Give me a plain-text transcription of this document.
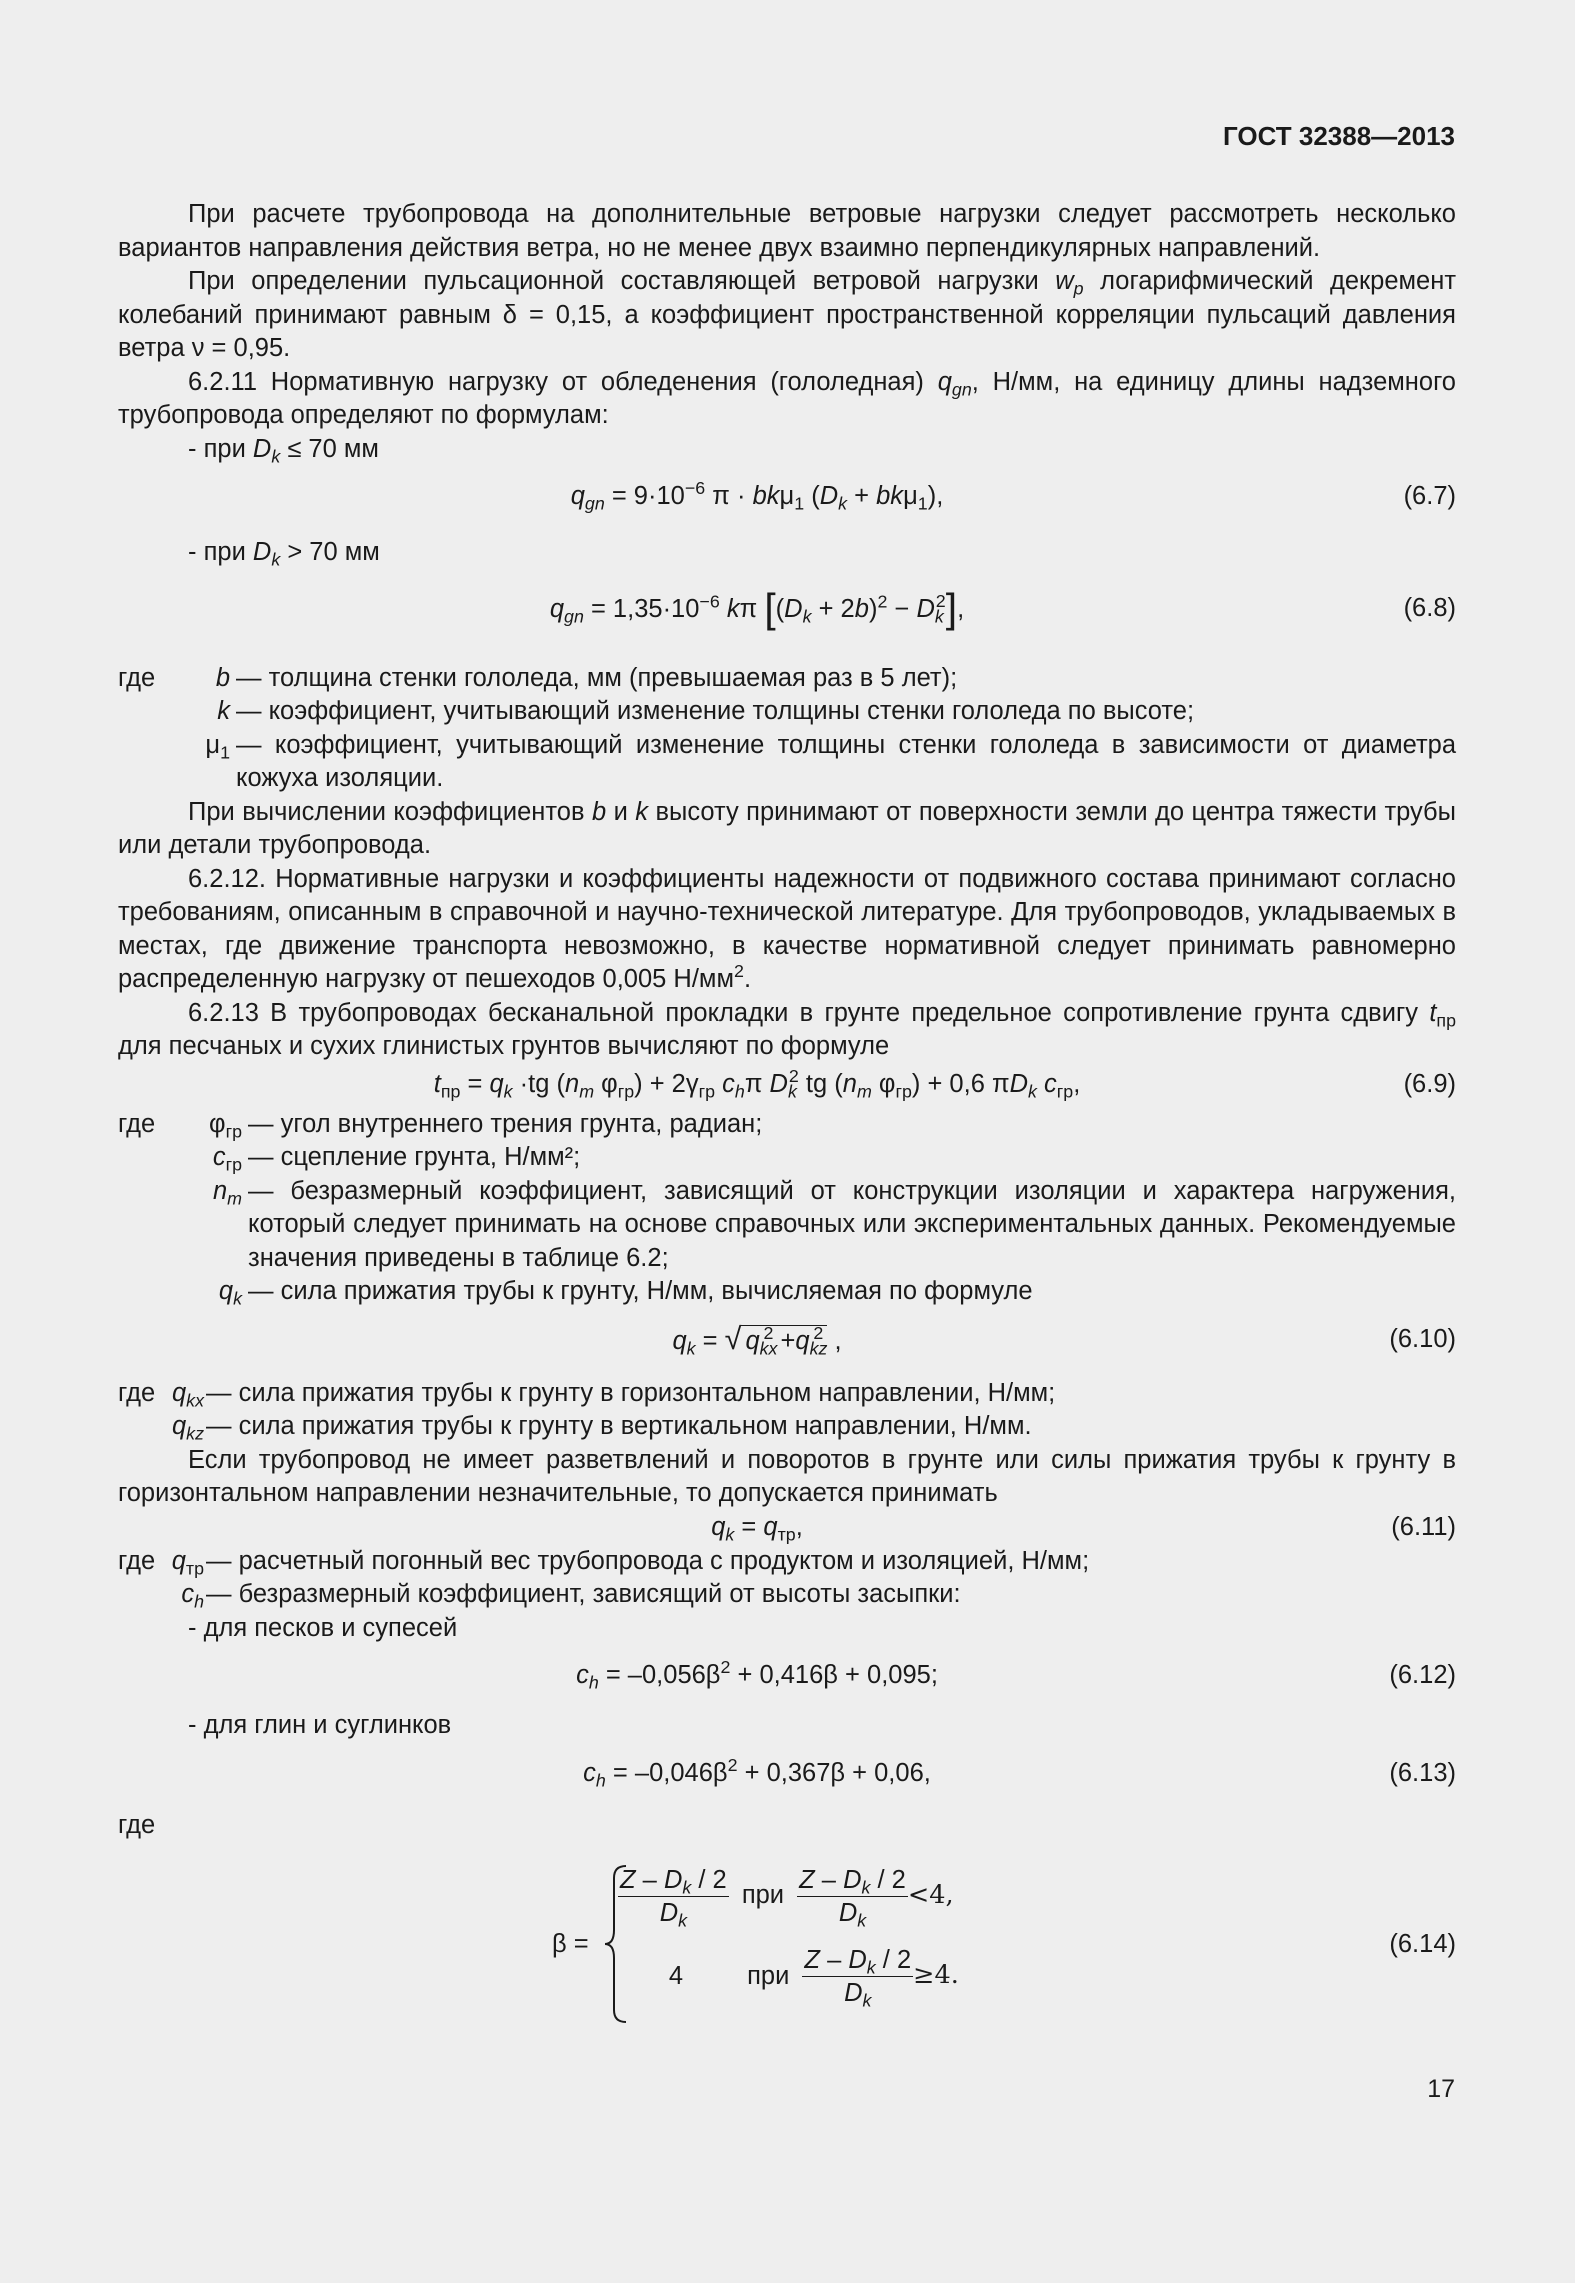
ГОСТ 32388—2013

При расчете трубопровода на дополнительные ветровые нагрузки следует рассмотреть несколько вариантов направления действия ветра, но не менее двух взаимно перпендикулярных направлений.

При определении пульсационной составляющей ветровой нагрузки $w_p$ логарифмический декремент колебаний принимают равным δ = 0,15, а коэффициент пространственной корреляции пульсаций давления ветра ν = 0,95.

6.2.11 Нормативную нагрузку от обледенения (гололедная) $q_{gn}$, Н/мм, на единицу длины надземного трубопровода определяют по формулам:

- при $D_k \le 70$ мм

$q_{gn} = 9\cdot 10^{-6}$ π · bkμ$_1$ $(D_k + bk\mu_1)$,	(6.7)

- при $D_k > 70$ мм

$q_{gn} = 1,35\cdot 10^{-6}$ kπ $[(D_k + 2b)^2 - D_k^2]$,	(6.8)
где	b — толщина стенки гололеда, мм (превышаемая раз в 5 лет);
k — коэффициент, учитывающий изменение толщины стенки гололеда по высоте;
$\mu_1$ — коэффициент, учитывающий изменение толщины стенки гололеда в зависимости от диаметра кожуха изоляции.

При вычислении коэффициентов b и k высоту принимают от поверхности земли до центра тяжести трубы или детали трубопровода.

6.2.12. Нормативные нагрузки и коэффициенты надежности от подвижного состава принимают согласно требованиям, описанным в справочной и научно-технической литературе. Для трубопроводов, укладываемых в местах, где движение транспорта невозможно, в качестве нормативной следует принимать равномерно распределенную нагрузку от пешеходов 0,005 $Н/мм^2$.

6.2.13 В трубопроводах бесканальной прокладки в грунте предельное сопротивление грунта сдвигу $t_{пр}$ для песчаных и сухих глинистых грунтов вычисляют по формуле

$t_{пр} = q_k \cdot tg$ ($n_m$ $\varphi_{гр}) + 2\gamma_{гр}$ $c_h\pi$ $D_k^2$ tg ($n_m$ $\varphi_{гр}) + 0,6$ $\pi D_k$ $c_{гр}$,	(6.9)
где	$\varphi_{гр}$ — угол внутреннего трения грунта, радиан;
$c_{гр}$ — сцепление грунта, Н/мм²;
$n_m$ — безразмерный коэффициент, зависящий от конструкции изоляции и характера нагружения, который следует принимать на основе справочных или экспериментальных данных. Рекомендуемые значения приведены в таблице 6.2;
$q_k$ — сила прижатия трубы к грунту, Н/мм, вычисляемая по формуле
$q_k$ = √ $q_{kx}^2 +q_{kz}^2$ ,	(6.10)
где $q_{kx}$ — сила прижатия трубы к грунту в горизонтальном направлении, Н/мм;
$q_{kz}$ — сила прижатия трубы к грунту в вертикальном направлении, Н/мм.

Если трубопровод не имеет разветвлений и поворотов в грунте или силы прижатия трубы к грунту в горизонтальном направлении незначительные, то допускается принимать

$q_k = q_{тр}$,	(6.11)
где $q_{тр}$ — расчетный погонный вес трубопровода с продуктом и изоляцией, Н/мм;
$c_h$ — безразмерный коэффициент, зависящий от высоты засыпки:

- для песков и супесей

$c_h = -0,056\beta^2 + 0,416\beta + 0,095$;	(6.12)

- для глин и суглинков

$c_h = -0,046\beta^2 + 0,367\beta + 0,06$,	(6.13)

где

β =
$\frac{Z - D_k / 2}{D_k}$ при $\frac{Z - D_k / 2}{D_k} <4$,
4	при $\frac{Z - D_k / 2}{D_k} \ge 4$.
(6.14)
17
